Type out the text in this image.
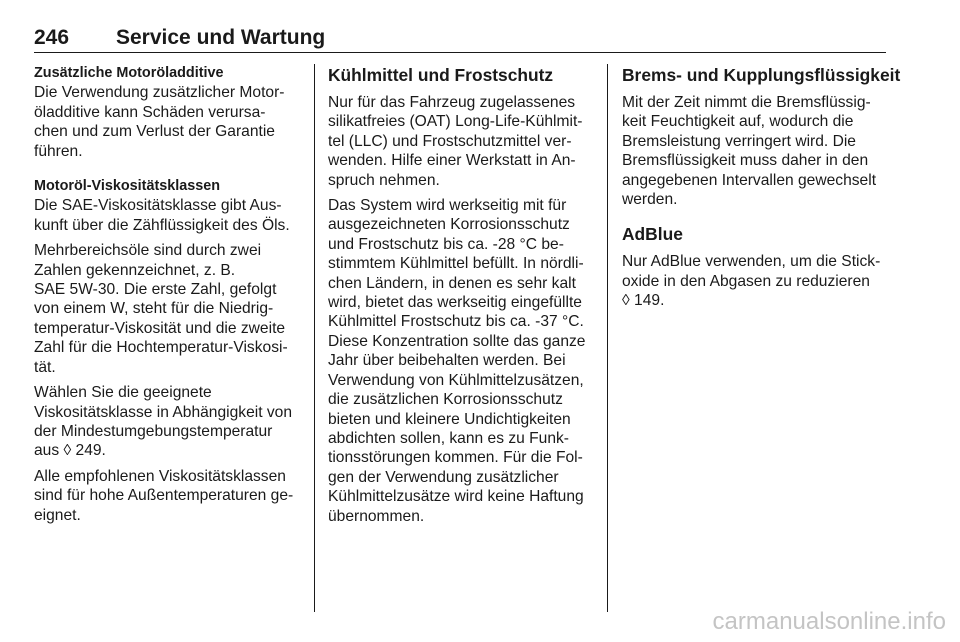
246 Service und Wartung
Zusätzliche Motoröladditive
Die Verwendung zusätzlicher Motor-
öladditive kann Schäden verursa-
chen und zum Verlust der Garantie
führen.
Motoröl-Viskositätsklassen
Die SAE-Viskositätsklasse gibt Aus-
kunft über die Zähflüssigkeit des Öls.
Mehrbereichsöle sind durch zwei
Zahlen gekennzeichnet, z. B.
SAE 5W-30. Die erste Zahl, gefolgt
von einem W, steht für die Niedrig-
temperatur-Viskosität und die zweite
Zahl für die Hochtemperatur-Viskosi-
tät.
Wählen Sie die geeignete
Viskositätsklasse in Abhängigkeit von
der Mindestumgebungstemperatur
aus ◊ 249.
Alle empfohlenen Viskositätsklassen
sind für hohe Außentemperaturen ge-
eignet.
Kühlmittel und Frostschutz
Nur für das Fahrzeug zugelassenes
silikatfreies (OAT) Long-Life-Kühlmit-
tel (LLC) und Frostschutzmittel ver-
wenden. Hilfe einer Werkstatt in An-
spruch nehmen.
Das System wird werkseitig mit für
ausgezeichneten Korrosionsschutz
und Frostschutz bis ca. -28 °C be-
stimmtem Kühlmittel befüllt. In nördli-
chen Ländern, in denen es sehr kalt
wird, bietet das werkseitig eingefüllte
Kühlmittel Frostschutz bis ca. -37 °C.
Diese Konzentration sollte das ganze
Jahr über beibehalten werden. Bei
Verwendung von Kühlmittelzusätzen,
die zusätzlichen Korrosionsschutz
bieten und kleinere Undichtigkeiten
abdichten sollen, kann es zu Funk-
tionsstörungen kommen. Für die Fol-
gen der Verwendung zusätzlicher
Kühlmittelzusätze wird keine Haftung
übernommen.
Brems- und Kupplungsflüssigkeit
Mit der Zeit nimmt die Bremsflüssig-
keit Feuchtigkeit auf, wodurch die
Bremsleistung verringert wird. Die
Bremsflüssigkeit muss daher in den
angegebenen Intervallen gewechselt
werden.
AdBlue
Nur AdBlue verwenden, um die Stick-
oxide in den Abgasen zu reduzieren
◊ 149.
carmanualsonline.info
